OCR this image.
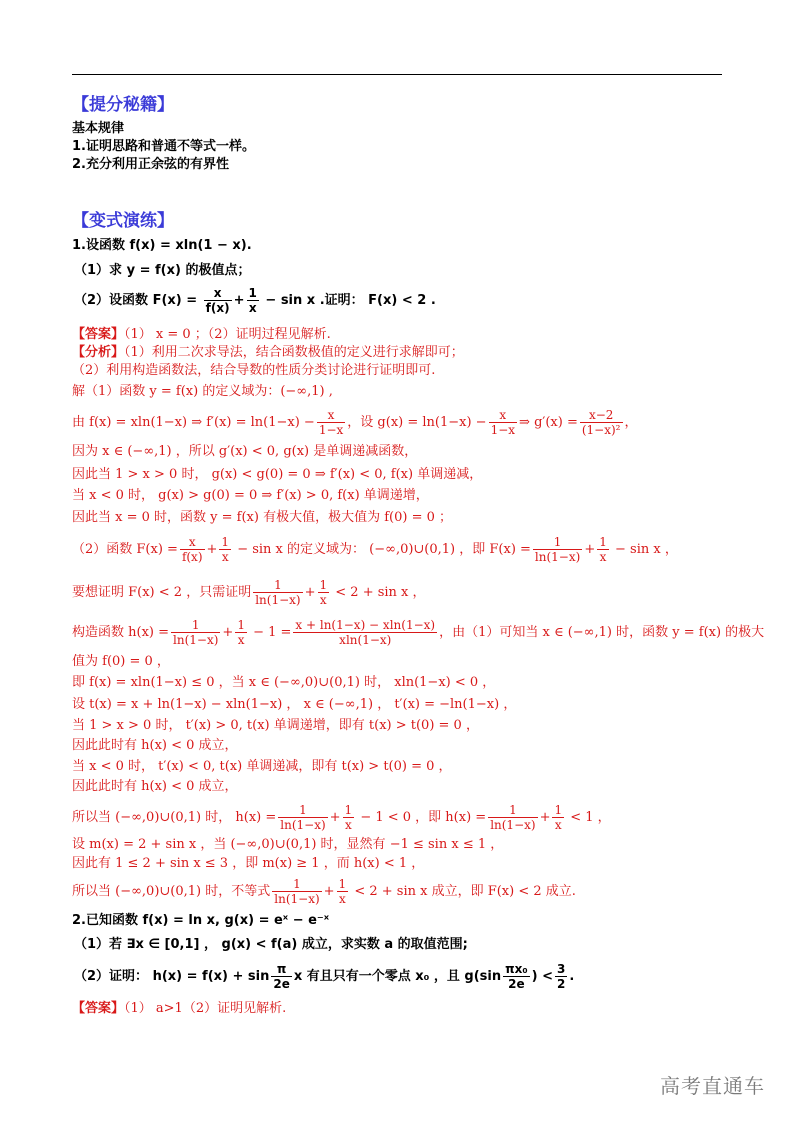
【提分秘籍】
基本规律
1.证明思路和普通不等式一样。
2.充分利用正余弦的有界性
【变式演练】
1.设函数 f(x) = xln(1 − x).
（1）求 y = f(x) 的极值点；
（2）设函数 $F(x) = \frac{x}{f(x)} + \frac{1}{x} - \sin x$ .证明： F(x) < 2 .
【答案】（1） x = 0 ；（2）证明过程见解析.
【分析】（1）利用二次求导法，结合函数极值的定义进行求解即可；
（2）利用构造函数法，结合导数的性质分类讨论进行证明即可.
解（1）函数 y = f(x) 的定义域为：(−∞,1) ,
由 f(x) = xln(1−x) ⇒ $f'(x) = \ln(1-x) - \frac{x}{1-x}$ ，设 $g(x) = \ln(1-x) - \frac{x}{1-x}$ ⇒ $g'(x) = \frac{x-2}{\text{(1−x)²}}$ ，
因为 x ∈ (−∞,1) ，所以 g′(x) < 0, g(x) 是单调递减函数，
因此当 1 > x > 0 时， g(x) < g(0) = 0 ⇒ f′(x) < 0, f(x) 单调递减，
当 x < 0 时， g(x) > g(0) = 0 ⇒ f′(x) > 0, f(x) 单调递增，
因此当 x = 0 时，函数 y = f(x) 有极大值，极大值为 f(0) = 0 ；
（2）函数 $F(x) = \frac{x}{f(x)} + \frac{1}{x} - \sin x$ 的定义域为： (−∞,0)∪(0,1) ，即 $F(x) = \frac{1}{\ln(1-x)} + \frac{1}{x} - \sin x$ ，
要想证明 F(x) < 2 ，只需证明 $\frac{1}{\ln(1-x)} + \frac{1}{x} < 2 + \sin x$ ，
构造函数 $h(x) = \frac{1}{\ln(1-x)} + \frac{1}{x} - 1 = \frac{x + \ln(1-x) - xln(1-x)}{xln(1-x)}$ ，由（1）可知当 x ∈ (−∞,1) 时，函数 y = f(x) 的极大
值为 f(0) = 0 ，
即 f(x) = xln(1−x) ≤ 0 ，当 x ∈ (−∞,0)∪(0,1) 时， xln(1−x) < 0 ，
设 t(x) = x + ln(1−x) − xln(1−x) ， x ∈ (−∞,1) ， t′(x) = −ln(1−x) ，
当 1 > x > 0 时， t′(x) > 0, t(x) 单调递增，即有 t(x) > t(0) = 0 ，
因此此时有 h(x) < 0 成立，
当 x < 0 时， t′(x) < 0, t(x) 单调递减，即有 t(x) > t(0) = 0 ，
因此此时有 h(x) < 0 成立，
所以当 (−∞,0)∪(0,1) 时， $h(x) = \frac{1}{\ln(1-x)} + \frac{1}{x} - 1 < 0$ ，即 $h(x) = \frac{1}{\ln(1-x)} + \frac{1}{x} < 1$ ，
设 m(x) = 2 + sin x ，当 (−∞,0)∪(0,1) 时，显然有 −1 ≤ sin x ≤ 1 ，
因此有 1 ≤ 2 + sin x ≤ 3 ，即 m(x) ≥ 1 ，而 h(x) < 1 ，
所以当 (−∞,0)∪(0,1) 时，不等式 $\frac{1}{\ln(1-x)} + \frac{1}{x} < 2 + \sin x$ 成立，即 F(x) < 2 成立.
2.已知函数 f(x) = ln x, g(x) = eˣ − e⁻ˣ
（1）若 ∃x ∈ [0,1] ， g(x) < f(a) 成立，求实数 a 的取值范围;
（2）证明： $h(x) = f(x) + \sin \frac{\pi}{2e}$ x 有且只有一个零点 x₀ ，且 $g(\sin \frac{\text{πx₀}}{2e}$ ) < $\frac{3}{2}$ .
【答案】（1） a>1（2）证明见解析.
高考直通车
